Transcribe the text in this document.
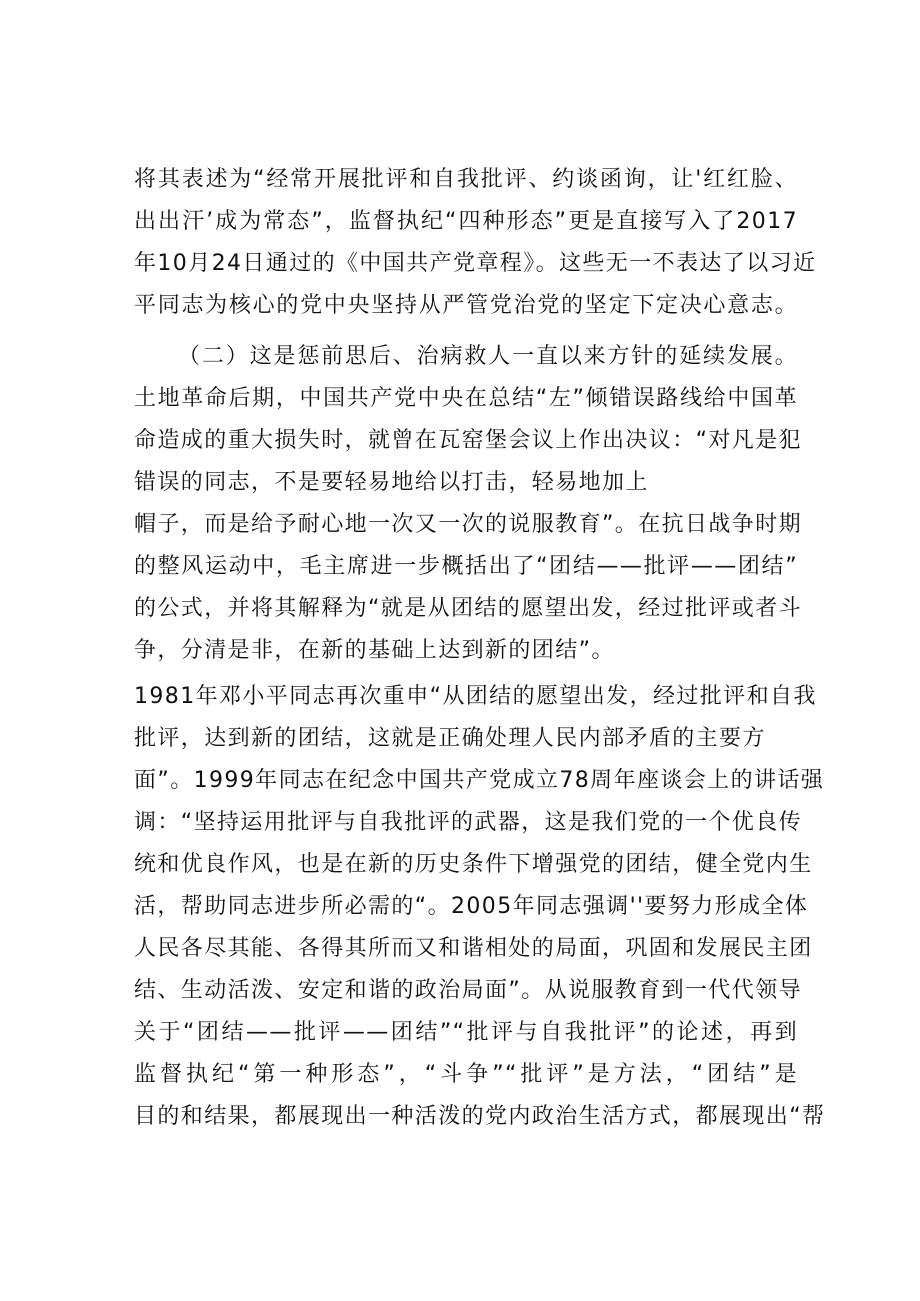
将其表述为“经常开展批评和自我批评、约谈函询，让'红红脸、
出出汗’成为常态”，监督执纪“四种形态”更是直接写入了2017
年10月24日通过的《中国共产党章程》。这些无一不表达了以习近
平同志为核心的党中央坚持从严管党治党的坚定下定决心意志。
（二）这是惩前思后、治病救人一直以来方针的延续发展。
土地革命后期，中国共产党中央在总结“左”倾错误路线给中国革
命造成的重大损失时，就曾在瓦窑堡会议上作出决议：“对凡是犯
错误的同志，不是要轻易地给以打击，轻易地加上
帽子，而是给予耐心地一次又一次的说服教育”。在抗日战争时期
的整风运动中，毛主席进一步概括出了“团结——批评——团结”
的公式，并将其解释为“就是从团结的愿望出发，经过批评或者斗
争，分清是非，在新的基础上达到新的团结”。
1981年邓小平同志再次重申“从团结的愿望出发，经过批评和自我
批评，达到新的团结，这就是正确处理人民内部矛盾的主要方
面”。1999年同志在纪念中国共产党成立78周年座谈会上的讲话强
调：“坚持运用批评与自我批评的武器，这是我们党的一个优良传
统和优良作风，也是在新的历史条件下增强党的团结，健全党内生
活，帮助同志进步所必需的“。2005年同志强调''要努力形成全体
人民各尽其能、各得其所而又和谐相处的局面，巩固和发展民主团
结、生动活泼、安定和谐的政治局面”。从说服教育到一代代领导
关于“团结——批评——团结”“批评与自我批评”的论述，再到
监督执纪“第一种形态”，“斗争”“批评”是方法，“团结”是
目的和结果，都展现出一种活泼的党内政治生活方式，都展现出“帮
